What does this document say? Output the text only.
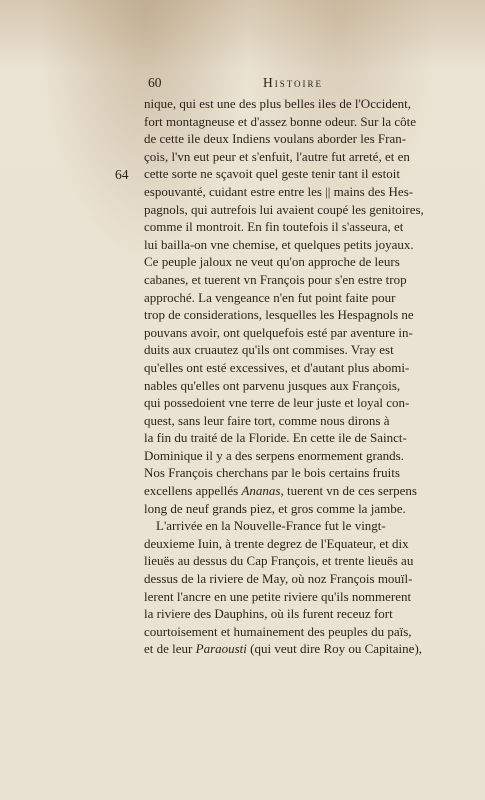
60	Histoire
64
nique, qui est une des plus belles iles de l'Occident,
fort montagneuse et d'assez bonne odeur. Sur la côte
de cette ile deux Indiens voulans aborder les Fran-
çois, l'vn eut peur et s'enfuit, l'autre fut arreté, et en
cette sorte ne sçavoit quel geste tenir tant il estoit
espouvanté, cuidant estre entre les || mains des Hes-
pagnols, qui autrefois lui avaient coupé les genitoires,
comme il montroit. En fin toutefois il s'asseura, et
lui bailla-on vne chemise, et quelques petits joyaux.
Ce peuple jaloux ne veut qu'on approche de leurs
cabanes, et tuerent vn François pour s'en estre trop
approché. La vengeance n'en fut point faite pour
trop de considerations, lesquelles les Hespagnols ne
pouvans avoir, ont quelquefois esté par aventure in-
duits aux cruautez qu'ils ont commises. Vray est
qu'elles ont esté excessives, et d'autant plus abomi-
nables qu'elles ont parvenu jusques aux François,
qui possedoient vne terre de leur juste et loyal con-
quest, sans leur faire tort, comme nous dirons à
la fin du traité de la Floride. En cette ile de Sainct-
Dominique il y a des serpens enormement grands.
Nos François cherchans par le bois certains fruits
excellens appellés Ananas, tuerent vn de ces serpens
long de neuf grands piez, et gros comme la jambe.
L'arrivée en la Nouvelle-France fut le vingt-
deuxieme Iuin, à trente degrez de l'Equateur, et dix
lieuës au dessus du Cap François, et trente lieuës au
dessus de la riviere de May, où noz François mouïl-
lerent l'ancre en une petite riviere qu'ils nommerent
la riviere des Dauphins, où ils furent receuz fort
courtoisement et humainement des peuples du païs,
et de leur Paraousti (qui veut dire Roy ou Capitaine),
